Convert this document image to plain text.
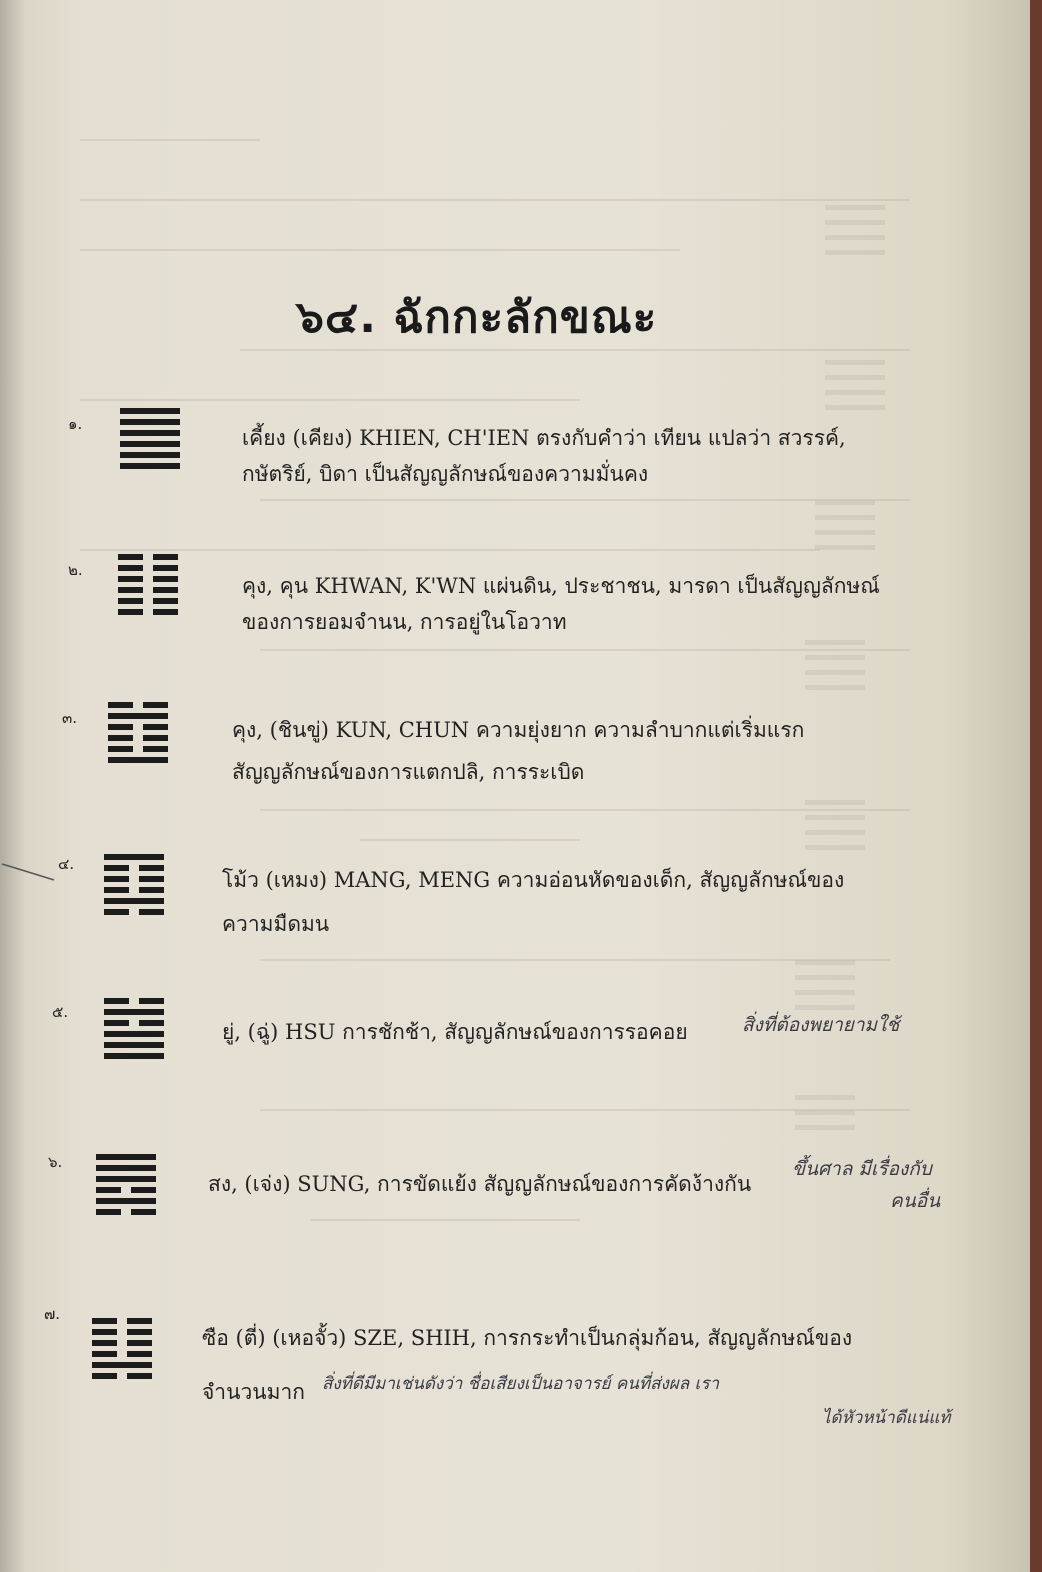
๖๔. ฉักกะลักขณะ
๑.
เคี้ยง (เคียง) KHIEN, CH'IEN ตรงกับคำว่า เทียน แปลว่า สวรรค์,
กษัตริย์, บิดา เป็นสัญญลักษณ์ของความมั่นคง
๒.
คุง, คุน KHWAN, K'WN แผ่นดิน, ประชาชน, มารดา เป็นสัญญลักษณ์
ของการยอมจำนน, การอยู่ในโอวาท
๓.	คุง, (ชินขู่) KUN, CHUN ความยุ่งยาก ความลำบากแต่เริ่มแรก
สัญญลักษณ์ของการแตกปลิ, การระเบิด
๔.
โม้ว (เหมง) MANG, MENG ความอ่อนหัดของเด็ก, สัญญลักษณ์ของ
ความมืดมน
๕.
ยู่, (ฉู่) HSU การชักช้า, สัญญลักษณ์ของการรอคอย	สิ่งที่ต้องพยายามใช้
๖.
สง, (เจ่ง) SUNG, การขัดแย้ง สัญญลักษณ์ของการคัดง้างกัน
ขึ้นศาล มีเรื่องกับ
คนอื่น
๗.
ซือ (ตี่) (เหอจั้ว) SZE, SHIH, การกระทำเป็นกลุ่มก้อน, สัญญลักษณ์ของ
จำนวนมาก สิ่งที่ดีมีมาเช่นดังว่า ชื่อเสียงเป็นอาจารย์ คนที่ส่งผล เรา
ได้หัวหน้าดีแน่แท้
